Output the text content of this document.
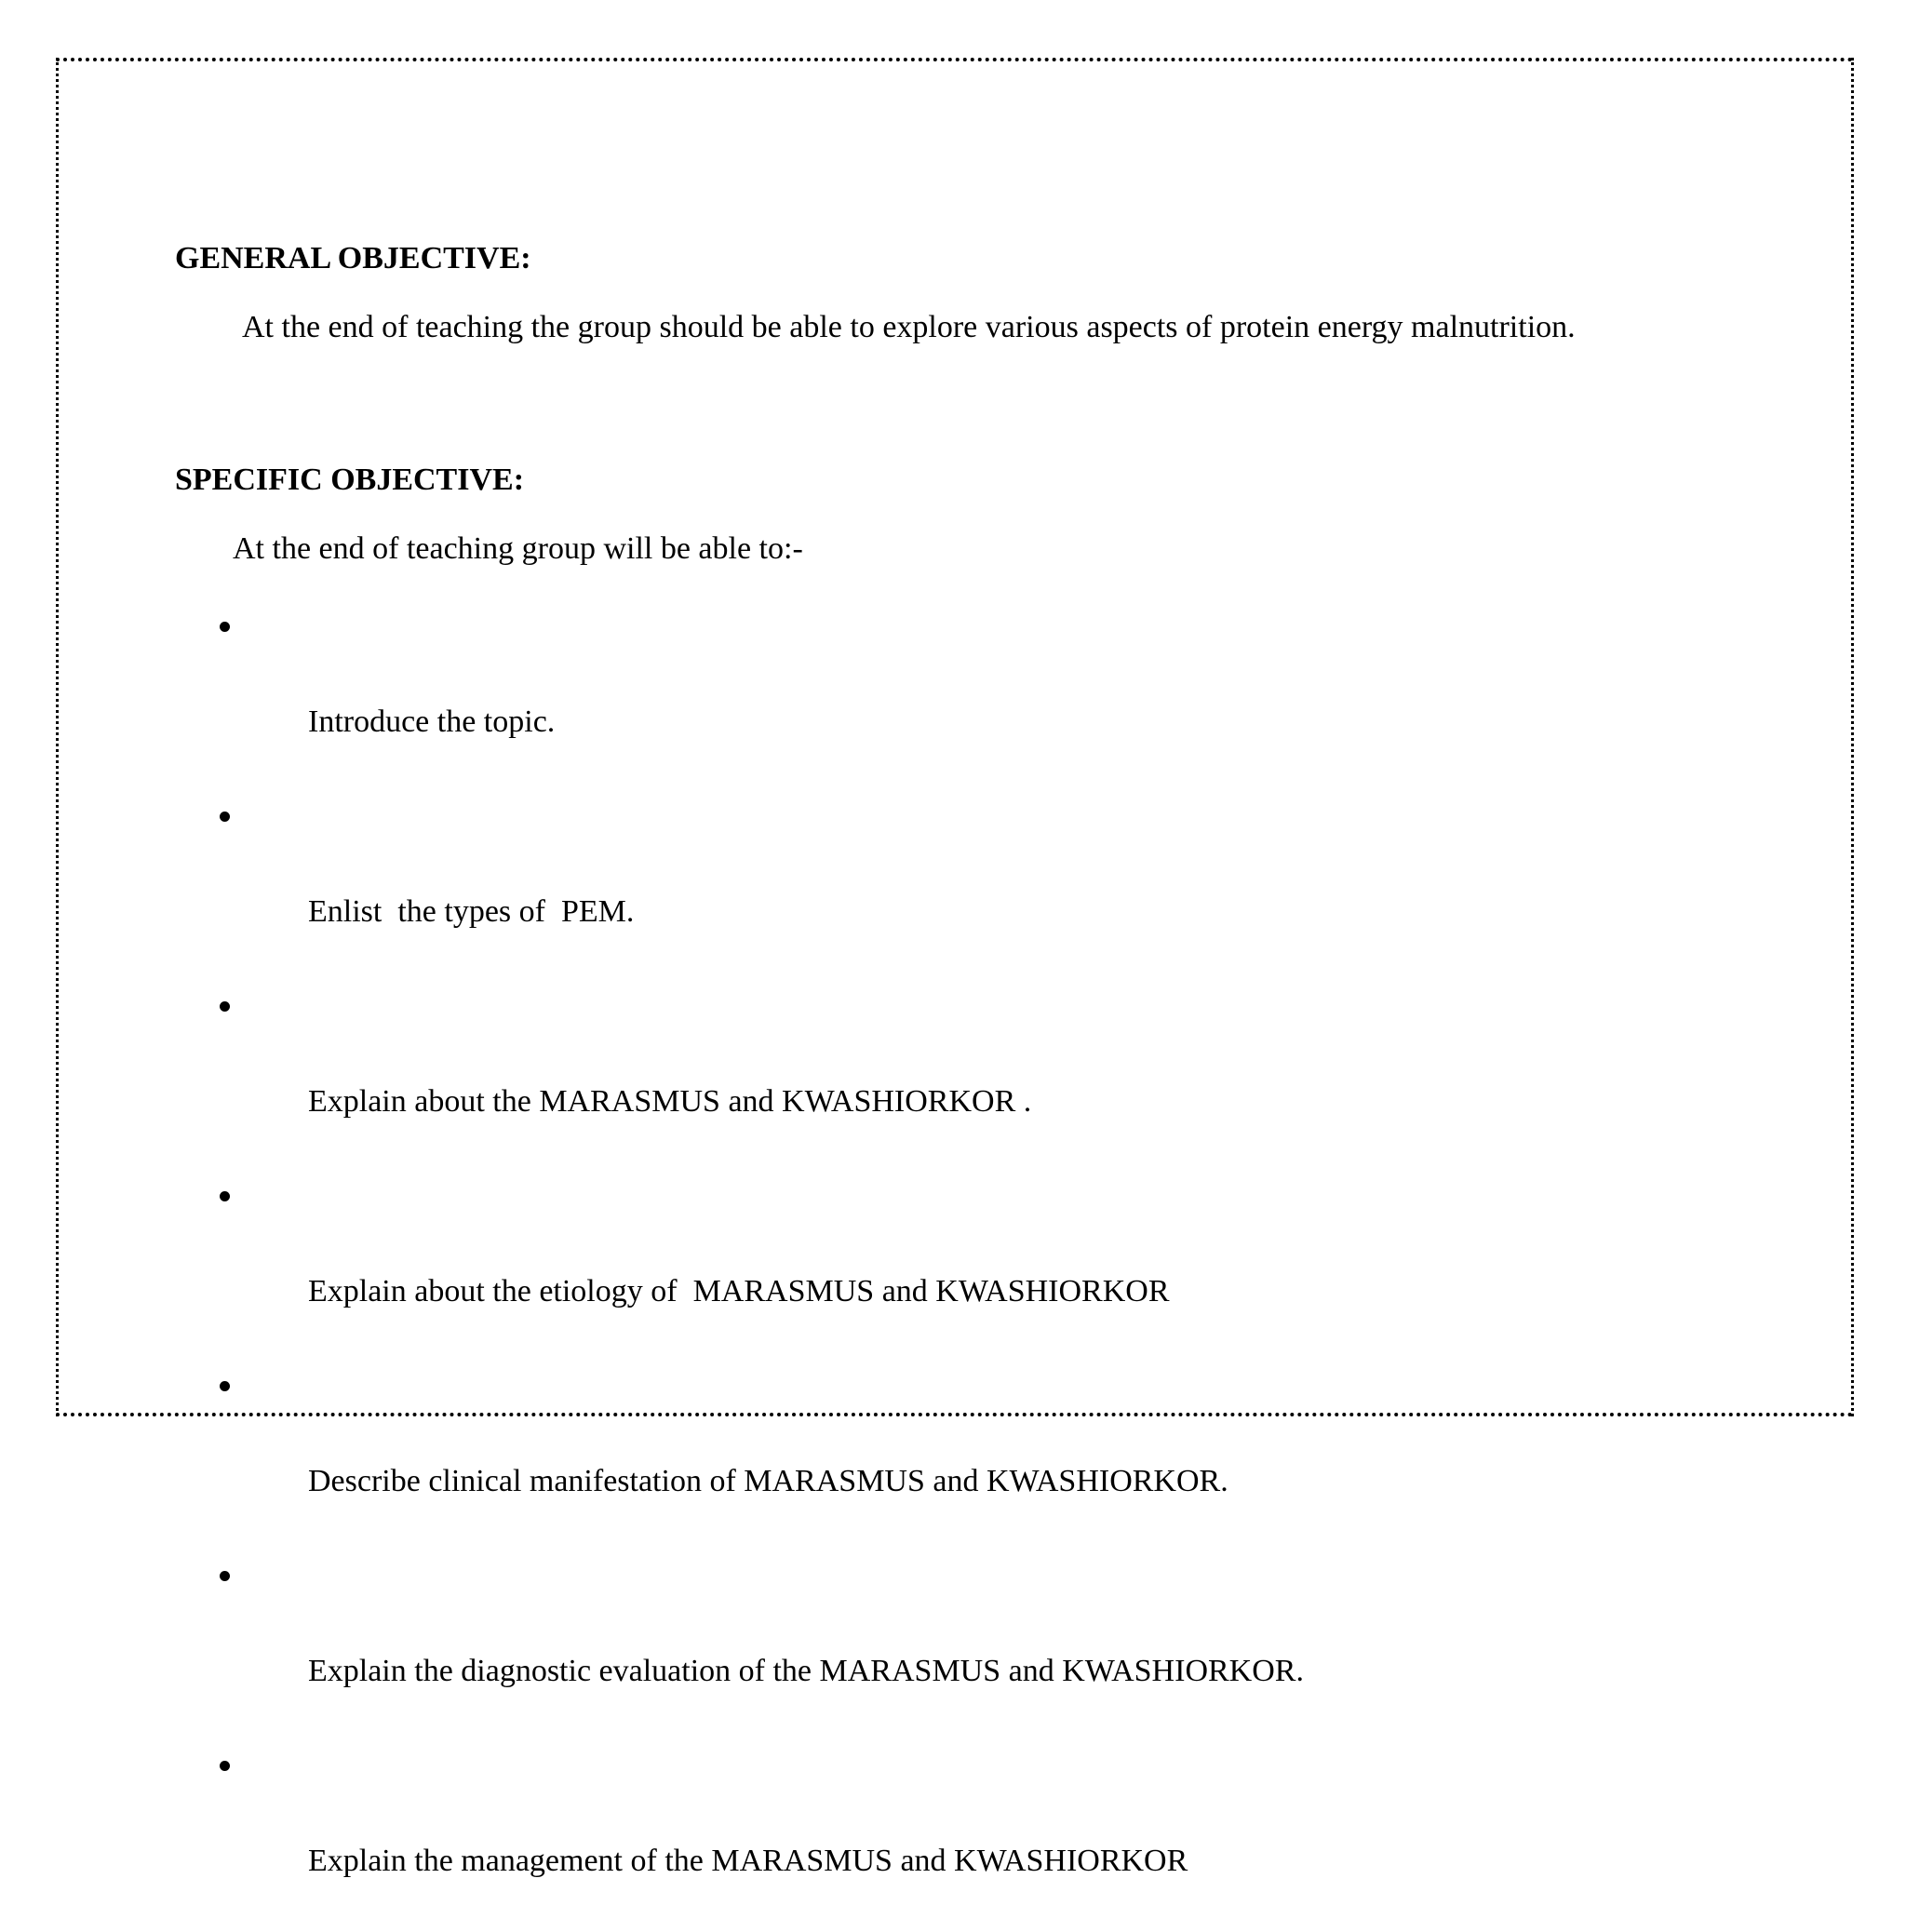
GENERAL OBJECTIVE:

At the end of teaching the group should be able to explore various aspects of protein energy malnutrition.

SPECIFIC OBJECTIVE:

At the end of teaching group will be able to:-

Introduce the topic.

Enlist  the types of  PEM.

Explain about the MARASMUS and KWASHIORKOR .

Explain about the etiology of  MARASMUS and KWASHIORKOR

Describe clinical manifestation of MARASMUS and KWASHIORKOR.

Explain the diagnostic evaluation of the MARASMUS and KWASHIORKOR.

Explain the management of the MARASMUS and KWASHIORKOR
